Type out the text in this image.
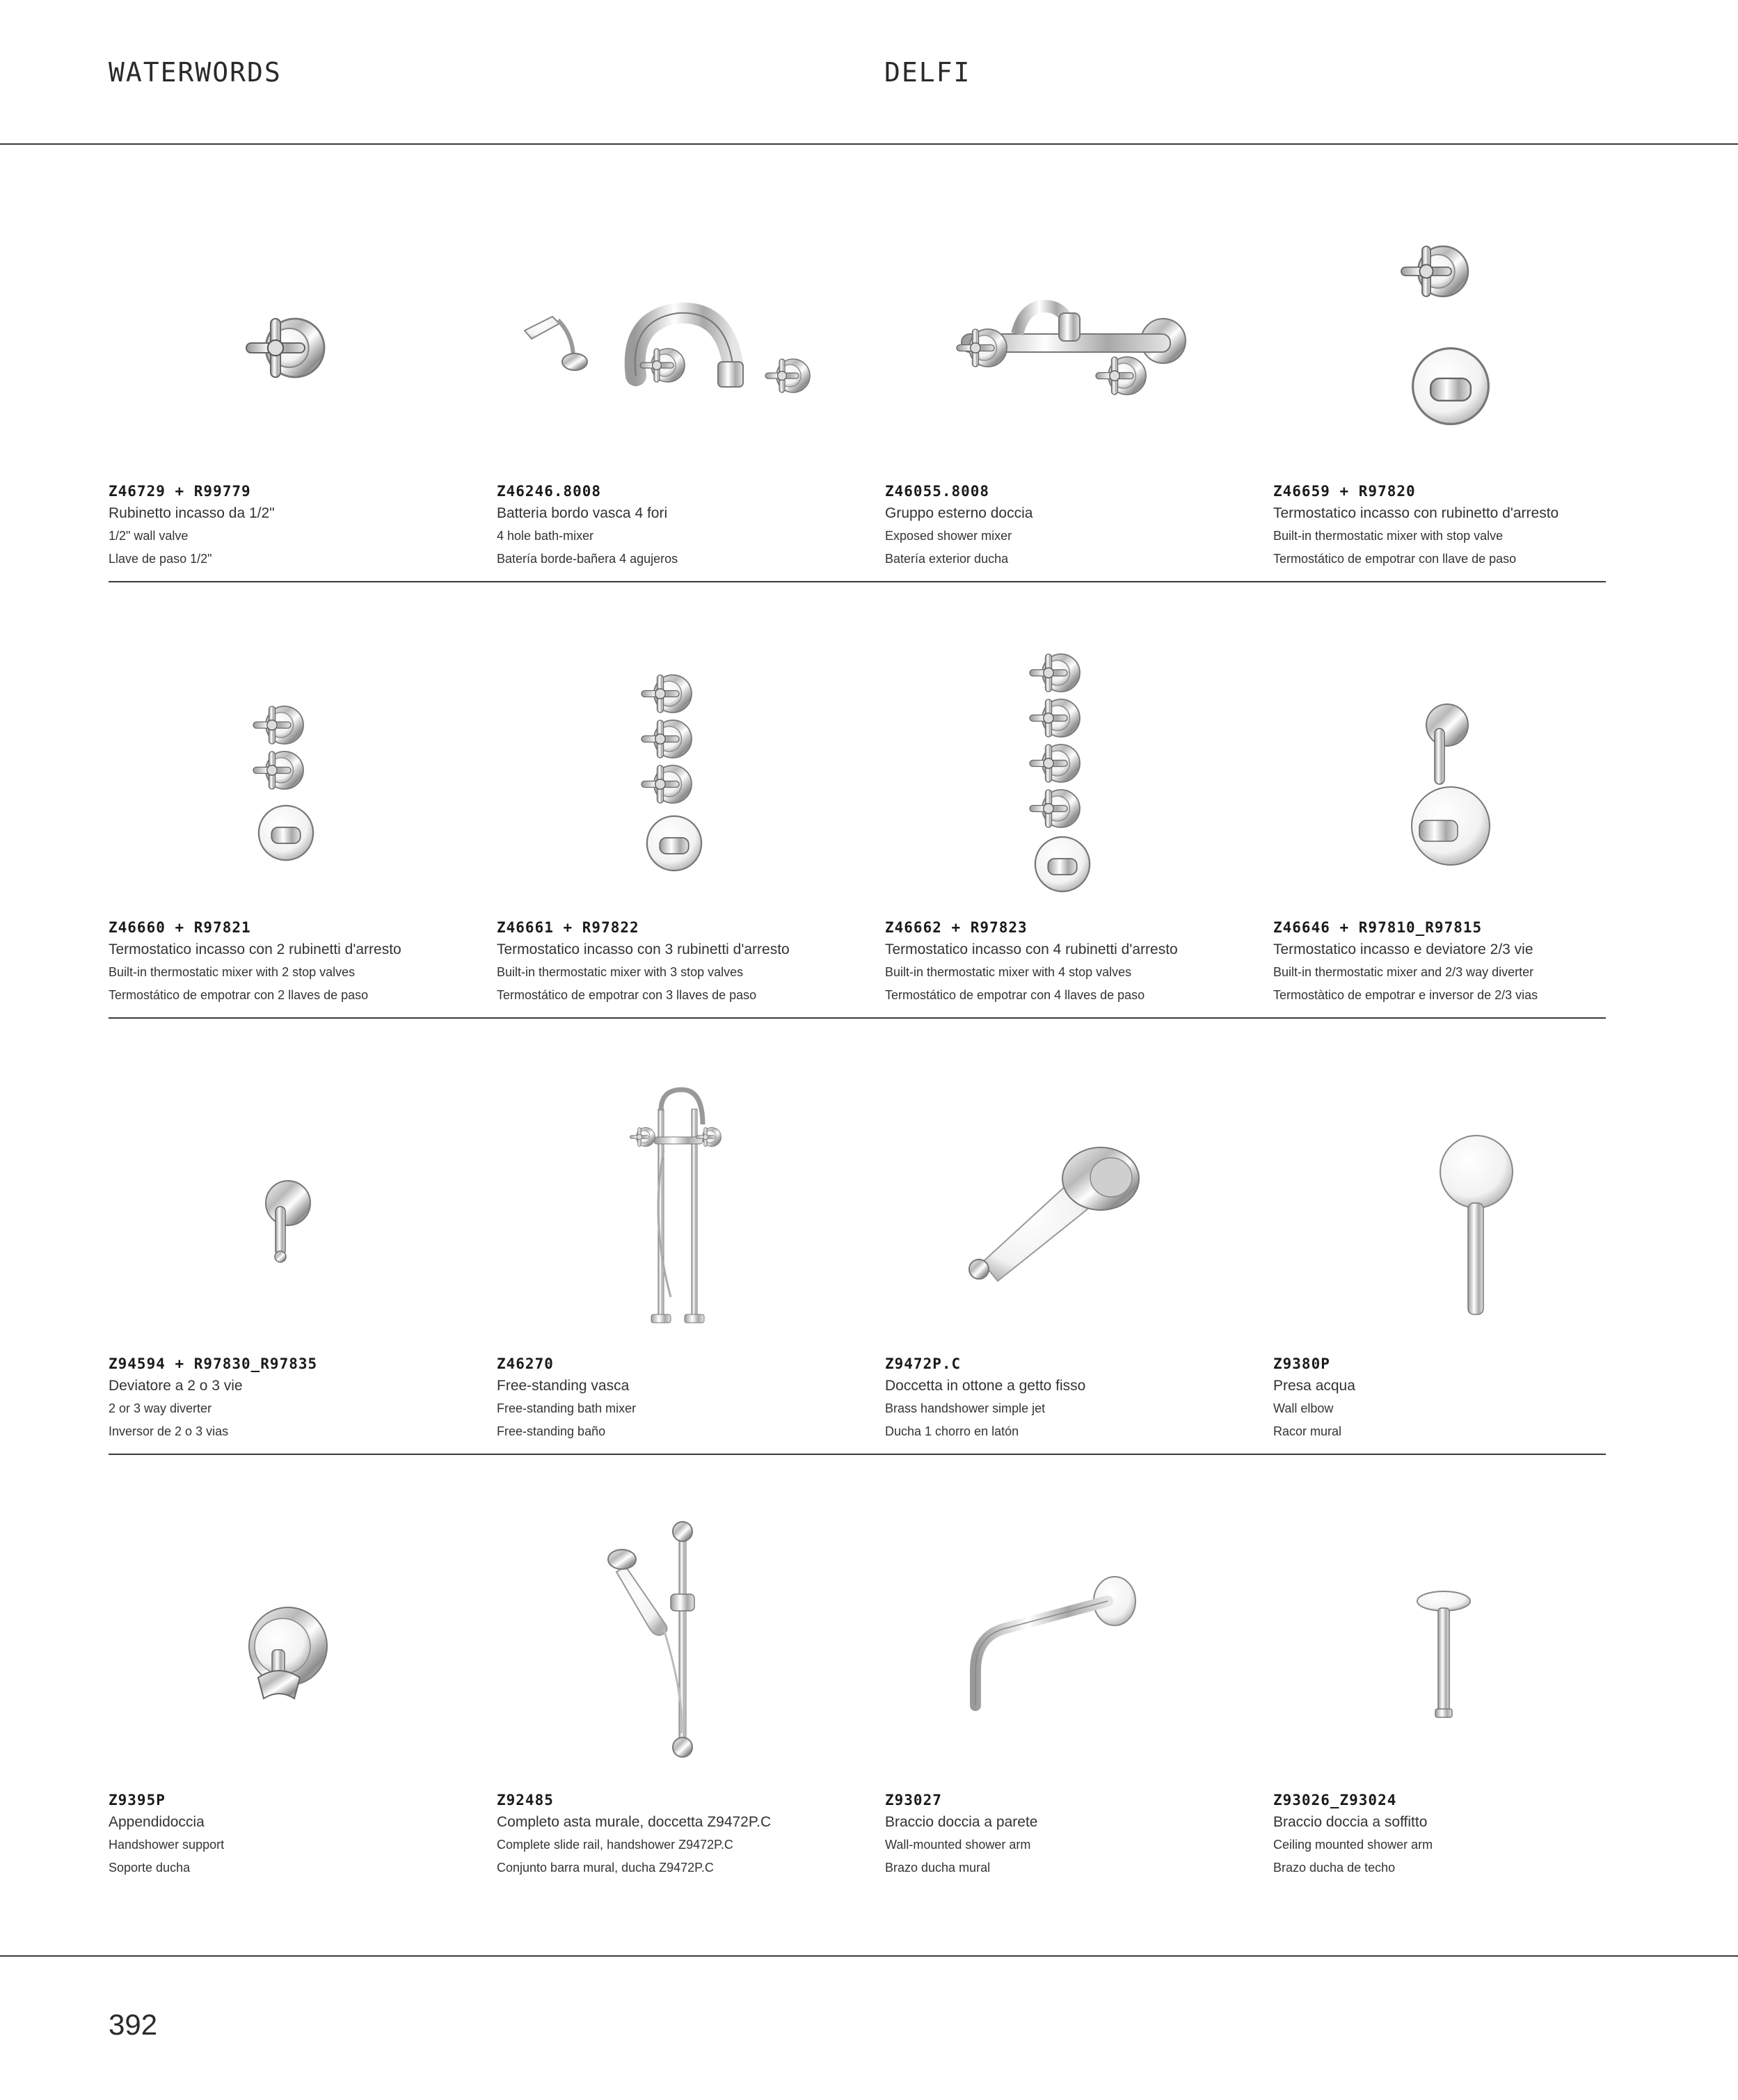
WATERWORDS	DELFI
Z46729 + R99779
Rubinetto incasso da 1/2"
1/2" wall valve
Llave de paso 1/2"
Z46246.8008
Batteria bordo vasca 4 fori
4 hole bath-mixer
Batería borde-bañera 4 agujeros
Z46055.8008
Gruppo esterno doccia
Exposed shower mixer
Batería exterior ducha
Z46659 + R97820
Termostatico incasso con rubinetto d'arresto
Built-in thermostatic mixer with stop valve
Termostático de empotrar con llave de paso
Z46660 + R97821
Termostatico incasso con 2 rubinetti d'arresto
Built-in thermostatic mixer with 2 stop valves
Termostático de empotrar con 2 llaves de paso
Z46661 + R97822
Termostatico incasso con 3 rubinetti d'arresto
Built-in thermostatic mixer with 3 stop valves
Termostático de empotrar con 3 llaves de paso
Z46662 + R97823
Termostatico incasso con 4 rubinetti d'arresto
Built-in thermostatic mixer with 4 stop valves
Termostático de empotrar con 4 llaves de paso
Z46646 + R97810_R97815
Termostatico incasso e deviatore 2/3 vie
Built-in thermostatic mixer and 2/3 way diverter
Termostàtico de empotrar e inversor de 2/3 vias
Z94594 + R97830_R97835
Deviatore a 2 o 3 vie
2 or 3 way diverter
Inversor de 2 o 3 vias
Z46270
Free-standing vasca
Free-standing bath mixer
Free-standing baño
Z9472P.C
Doccetta in ottone a getto fisso
Brass handshower simple jet
Ducha 1 chorro en latón
Z9380P
Presa acqua
Wall elbow
Racor mural
Z9395P
Appendidoccia
Handshower support
Soporte ducha
Z92485
Completo asta murale, doccetta Z9472P.C
Complete slide rail, handshower Z9472P.C
Conjunto barra mural, ducha Z9472P.C
Z93027
Braccio doccia a parete
Wall-mounted shower arm
Brazo ducha mural
Z93026_Z93024
Braccio doccia a soffitto
Ceiling mounted shower arm
Brazo ducha de techo
392
